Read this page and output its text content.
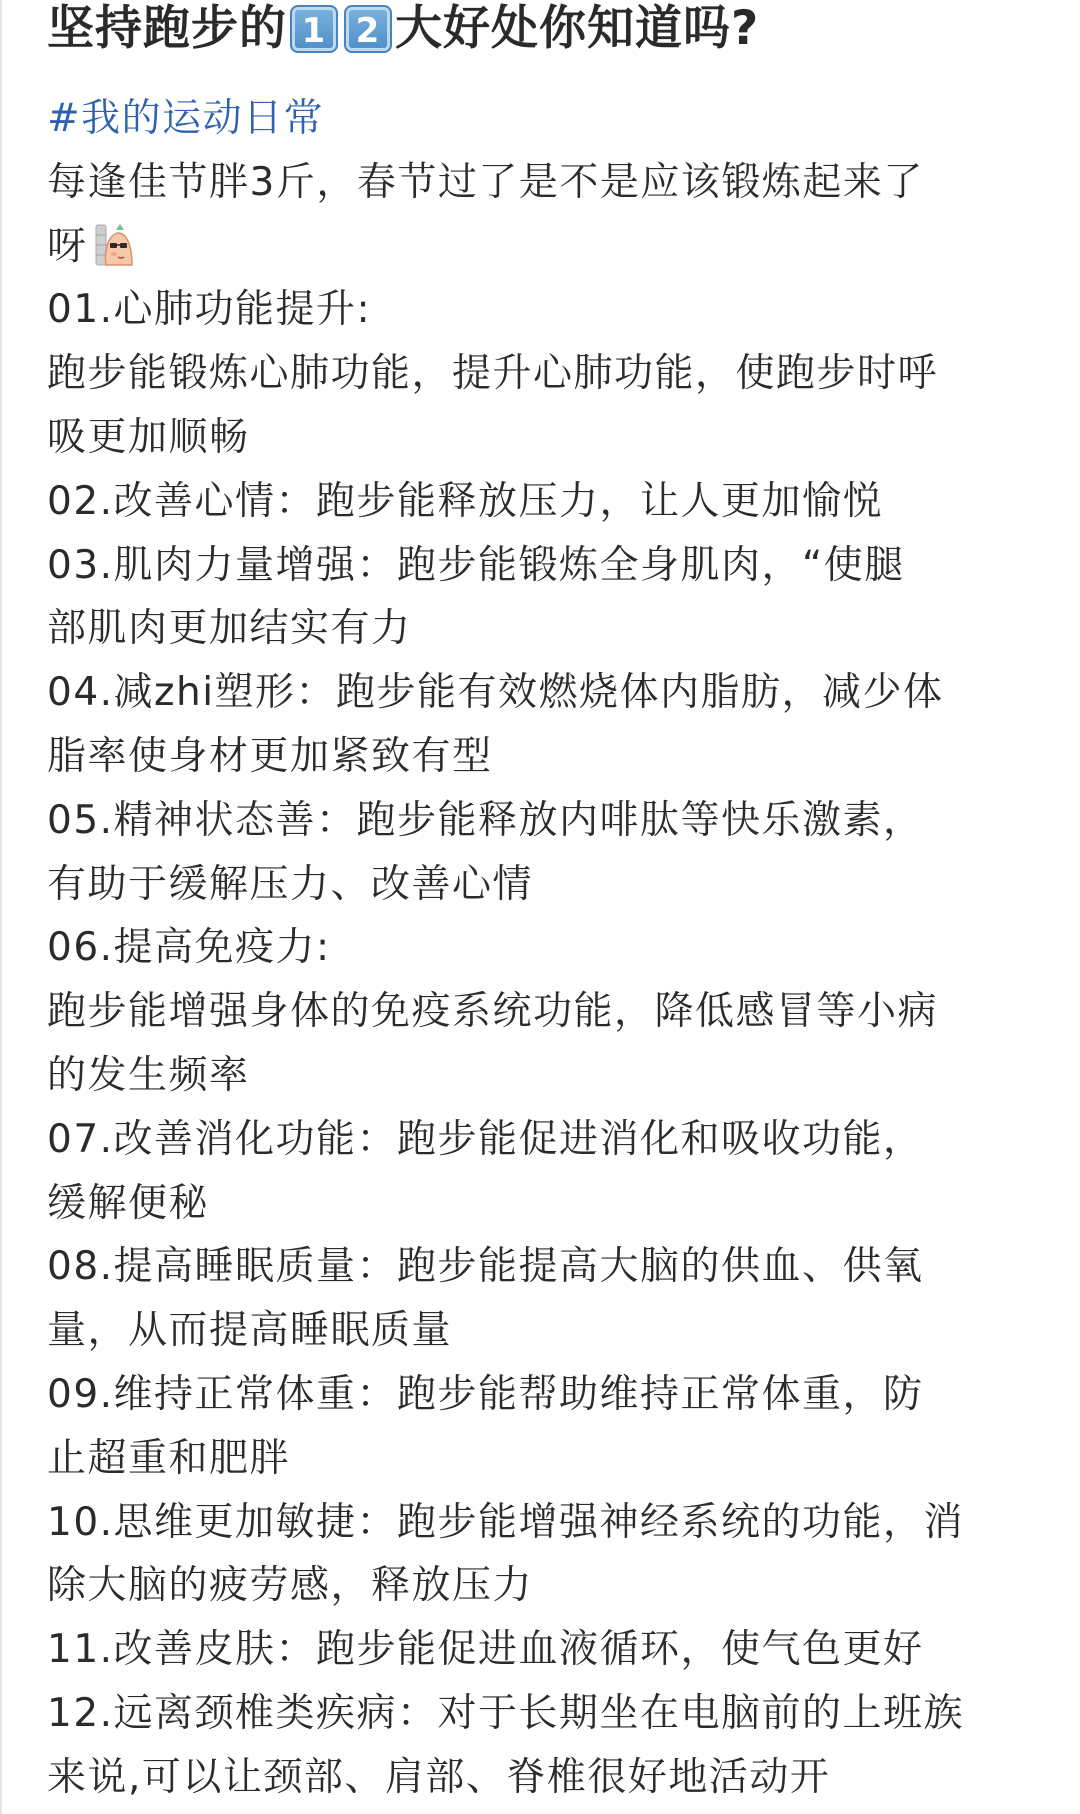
坚持跑步的 1 2 大好处你知道吗?
#我的运动日常
每逢佳节胖3斤，春节过了是不是应该锻炼起来了
呀
01.心肺功能提升:
跑步能锻炼心肺功能，提升心肺功能，使跑步时呼
吸更加顺畅
02.改善心情：跑步能释放压力，让人更加愉悦
03.肌肉力量增强：跑步能锻炼全身肌肉，“使腿
部肌肉更加结实有力
04.减zhi塑形：跑步能有效燃烧体内脂肪，减少体
脂率使身材更加紧致有型
05.精神状态善：跑步能释放内啡肽等快乐激素，
有助于缓解压力、改善心情
06.提高免疫力:
跑步能增强身体的免疫系统功能，降低感冒等小病
的发生频率
07.改善消化功能：跑步能促进消化和吸收功能，
缓解便秘
08.提高睡眠质量：跑步能提高大脑的供血、供氧
量，从而提高睡眠质量
09.维持正常体重：跑步能帮助维持正常体重，防
止超重和肥胖
10.思维更加敏捷：跑步能增强神经系统的功能，消
除大脑的疲劳感，释放压力
11.改善皮肤：跑步能促进血液循环，使气色更好
12.远离颈椎类疾病：对于长期坐在电脑前的上班族
来说,可以让颈部、肩部、脊椎很好地活动开
